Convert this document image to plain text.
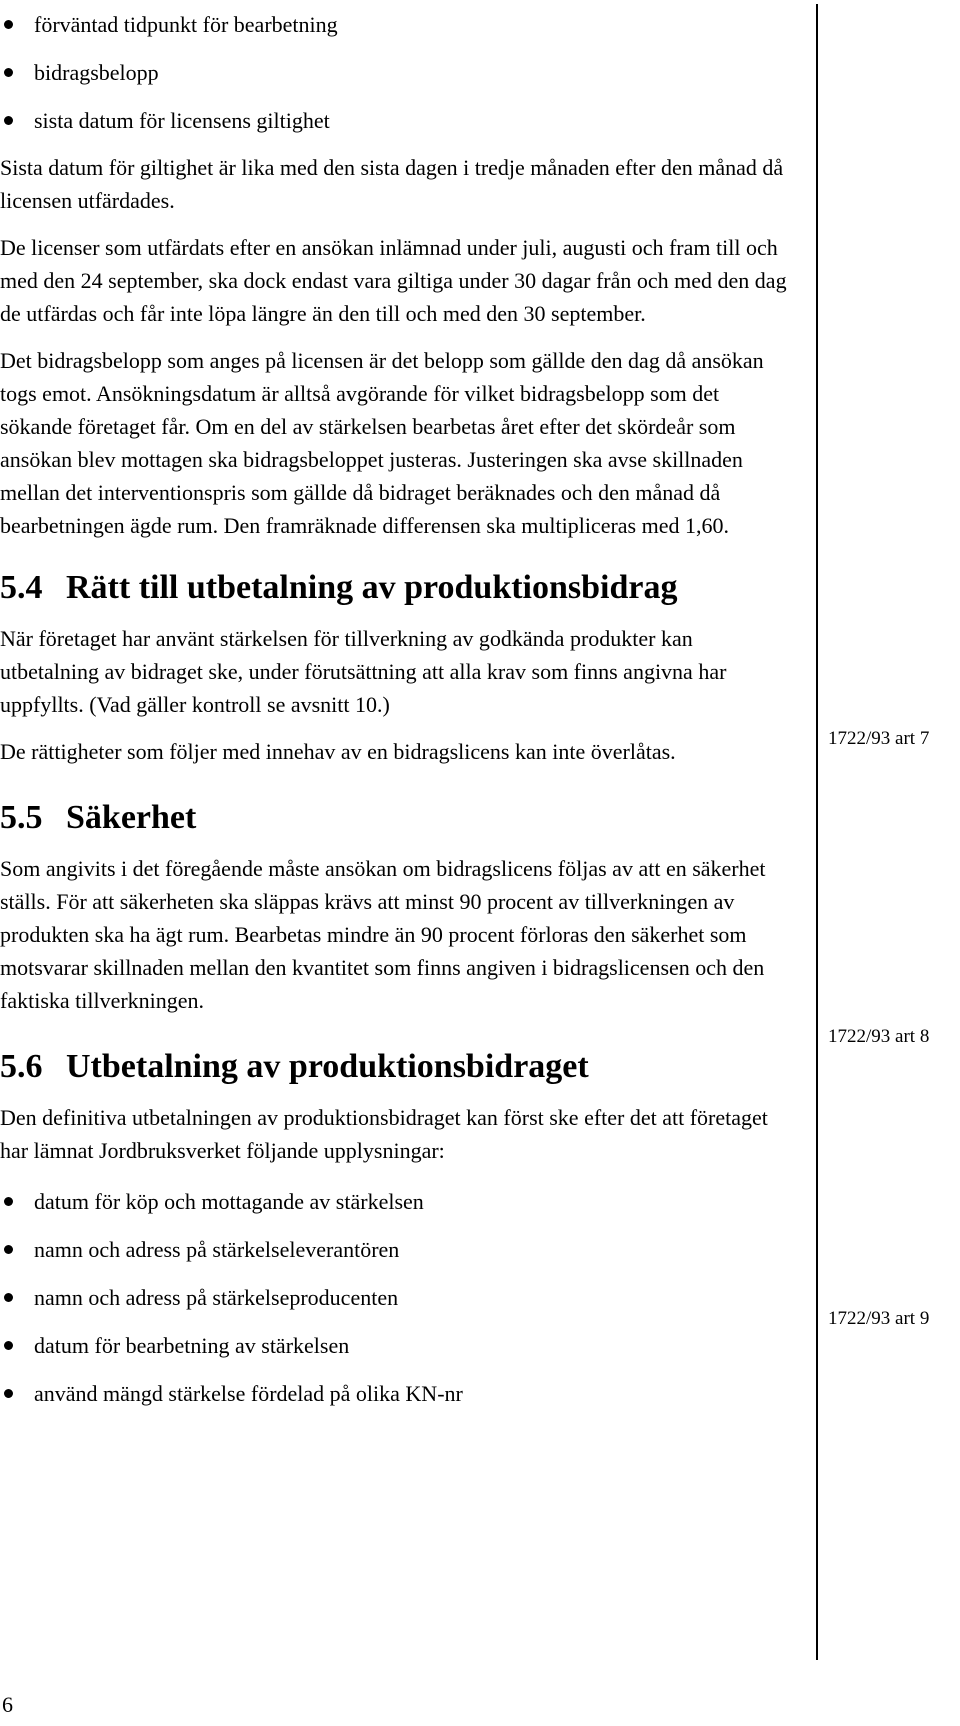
förväntad tidpunkt för bearbetning
bidragsbelopp
sista datum för licensens giltighet

Sista datum för giltighet är lika med den sista dagen i tredje månaden efter den månad då licensen utfärdades.

De licenser som utfärdats efter en ansökan inlämnad under juli, augusti och fram till och med den 24 september, ska dock endast vara giltiga under 30 dagar från och med den dag de utfärdas och får inte löpa längre än den till och med den 30 september.

Det bidragsbelopp som anges på licensen är det belopp som gällde den dag då ansökan togs emot. Ansökningsdatum är alltså avgörande för vilket bidragsbelopp som det sökande företaget får. Om en del av stärkelsen bearbetas året efter det skördeår som ansökan blev mottagen ska bidragsbeloppet justeras. Justeringen ska avse skillnaden mellan det interventionspris som gällde då bidraget beräknades och den månad då bearbetningen ägde rum. Den framräknade differensen ska multipliceras med 1,60.

5.4 Rätt till utbetalning av produktionsbidrag

När företaget har använt stärkelsen för tillverkning av godkända produkter kan utbetalning av bidraget ske, under förutsättning att alla krav som finns angivna har uppfyllts. (Vad gäller kontroll se avsnitt 10.)

De rättigheter som följer med innehav av en bidragslicens kan inte överlåtas.

5.5 Säkerhet

Som angivits i det föregående måste ansökan om bidragslicens följas av att en säkerhet ställs. För att säkerheten ska släppas krävs att minst 90 procent av tillverkningen av produkten ska ha ägt rum. Bearbetas mindre än 90 procent förloras den säkerhet som motsvarar skillnaden mellan den kvantitet som finns angiven i bidragslicensen och den faktiska tillverkningen.

5.6 Utbetalning av produktionsbidraget

Den definitiva utbetalningen av produktionsbidraget kan först ske efter det att företaget har lämnat Jordbruksverket följande upplysningar:

datum för köp och mottagande av stärkelsen
namn och adress på stärkelseleverantören
namn och adress på stärkelseproducenten
datum för bearbetning av stärkelsen
använd mängd stärkelse fördelad på olika KN-nr
1722/93 art 7
1722/93 art 8
1722/93 art 9
6
